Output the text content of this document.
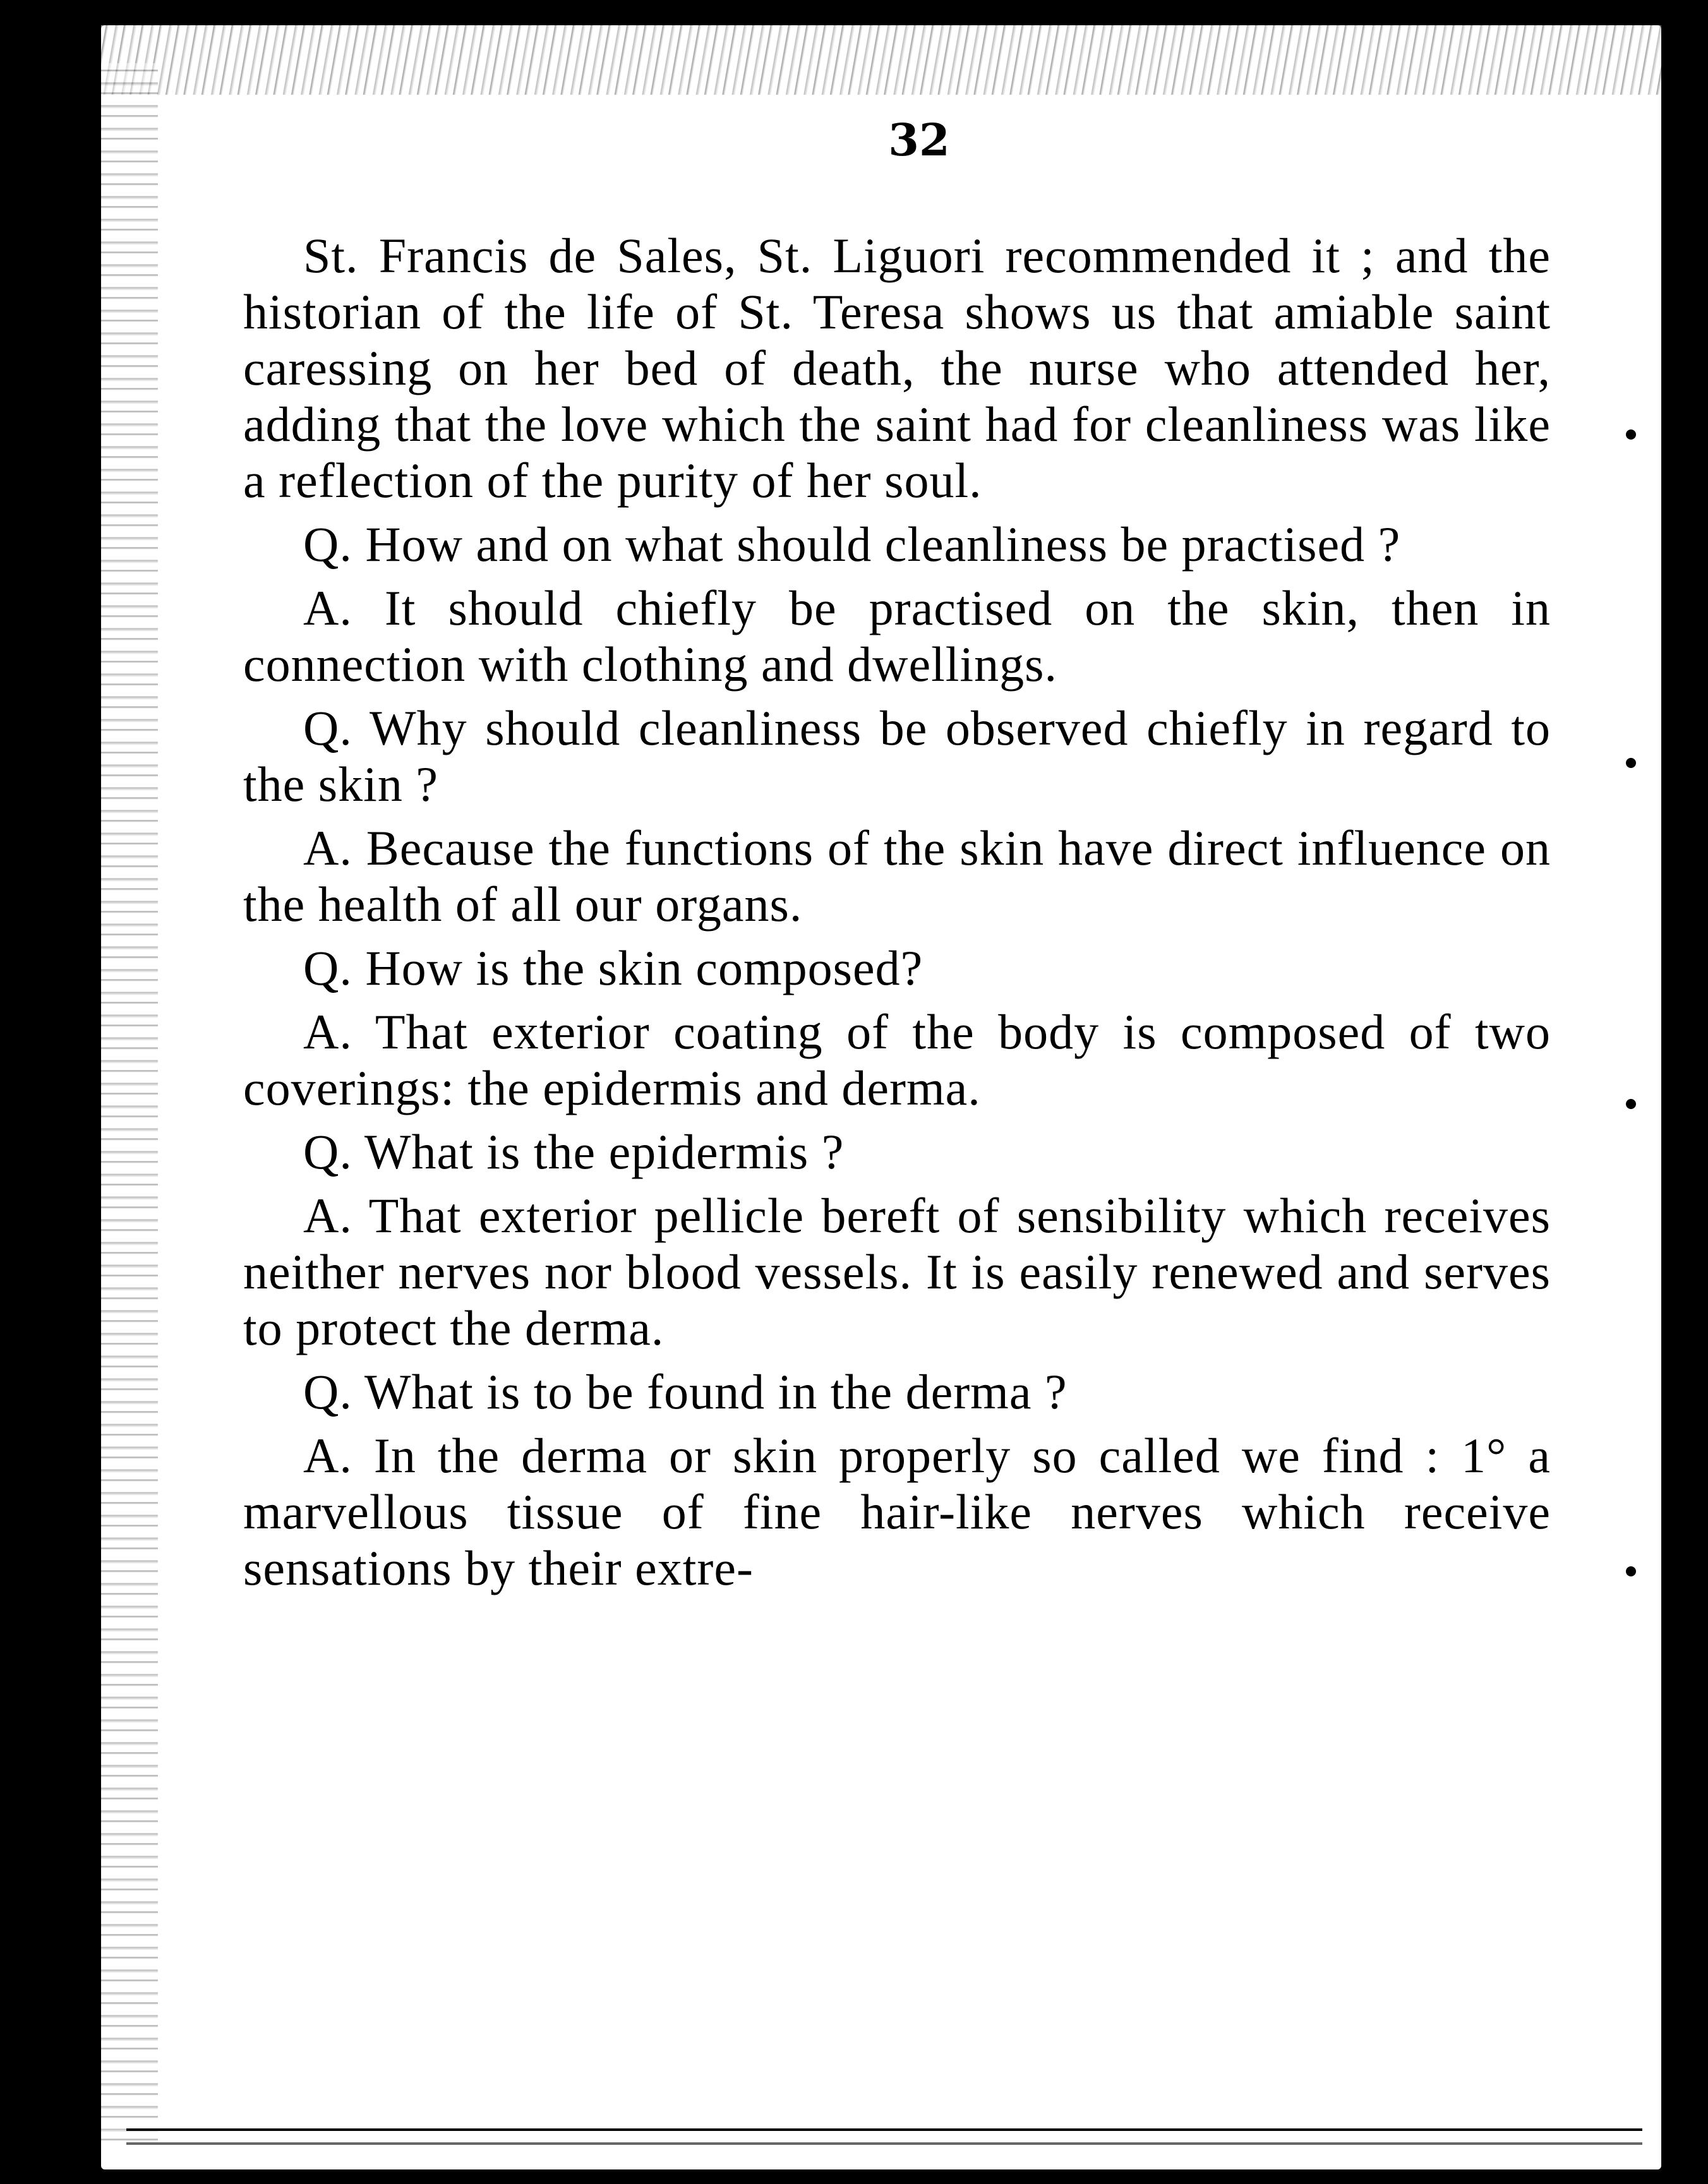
32

St. Francis de Sales, St. Liguori recommended it ; and the historian of the life of St. Teresa shows us that amiable saint caressing on her bed of death, the nurse who attended her, adding that the love which the saint had for cleanliness was like a reflection of the purity of her soul.

Q. How and on what should cleanliness be practised ?

A. It should chiefly be practised on the skin, then in connection with clothing and dwellings.

Q. Why should cleanliness be observed chiefly in regard to the skin ?

A. Because the functions of the skin have direct influence on the health of all our organs.

Q. How is the skin composed?

A. That exterior coating of the body is composed of two coverings: the epidermis and derma.

Q. What is the epidermis ?

A. That exterior pellicle bereft of sensibility which receives neither nerves nor blood vessels. It is easily renewed and serves to protect the derma.

Q. What is to be found in the derma ?

A. In the derma or skin properly so called we find : 1° a marvellous tissue of fine hair-like nerves which receive sensations by their extre-
